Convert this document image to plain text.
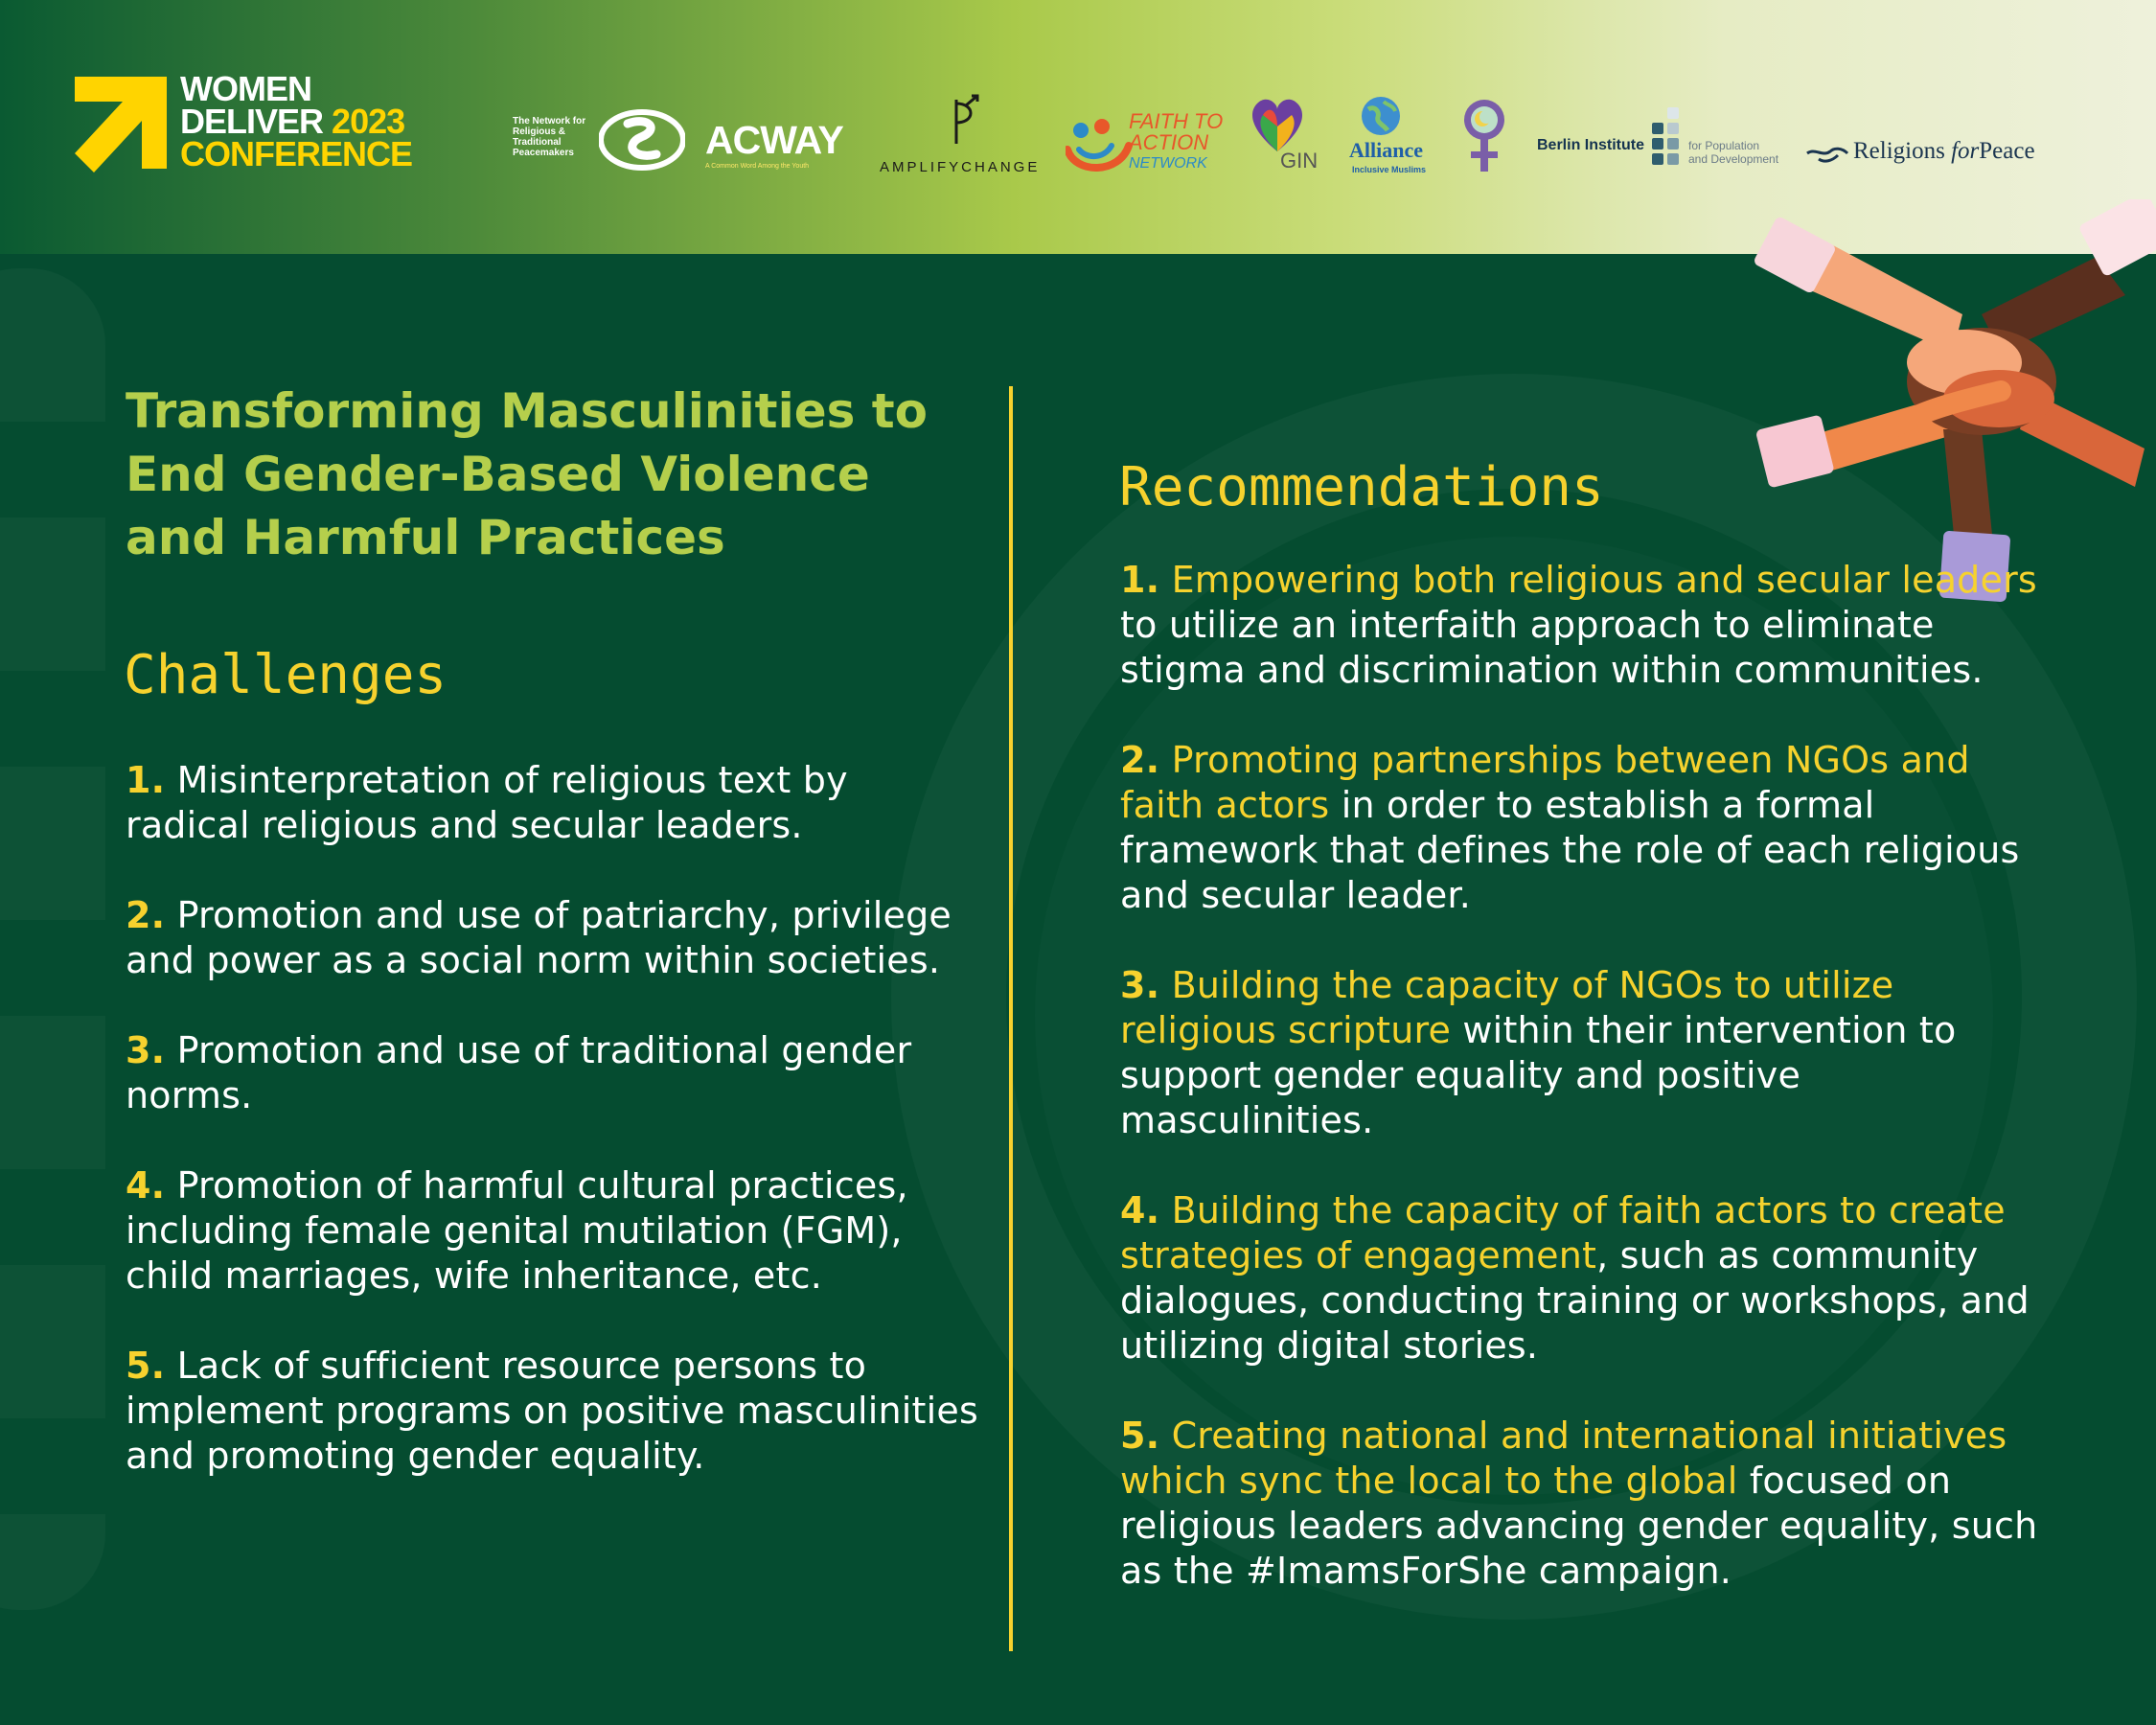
WOMEN
DELIVER 2023
CONFERENCE
The Network for Religious & Traditional Peacemakers	ACWAY
A Common Word Among the Youth	AMPLIFYCHANGE
FAITH TO
ACTION
NETWORK	GIN Alliance
Inclusive Muslims
Berlin Institute	for Population
and Development	Religions forPeace
Transforming Masculinities to End Gender-Based Violence and Harmful Practices
Challenges
1. Misinterpretation of religious text by radical religious and secular leaders.
2. Promotion and use of patriarchy, privilege and power as a social norm within societies.
3. Promotion and use of traditional gender norms.
4. Promotion of harmful cultural practices, including female genital mutilation (FGM), child marriages, wife inheritance, etc.
5. Lack of sufficient resource persons to implement programs on positive masculinities and promoting gender equality.
Recommendations
1. Empowering both religious and secular leaders to utilize an interfaith approach to eliminate stigma and discrimination within communities.
2. Promoting partnerships between NGOs and faith actors in order to establish a formal framework that defines the role of each religious and secular leader.
3. Building the capacity of NGOs to utilize religious scripture within their intervention to support gender equality and positive masculinities.
4. Building the capacity of faith actors to create strategies of engagement, such as community dialogues, conducting training or workshops, and utilizing digital stories.
5. Creating national and international initiatives which sync the local to the global focused on religious leaders advancing gender equality, such as the #ImamsForShe campaign.
